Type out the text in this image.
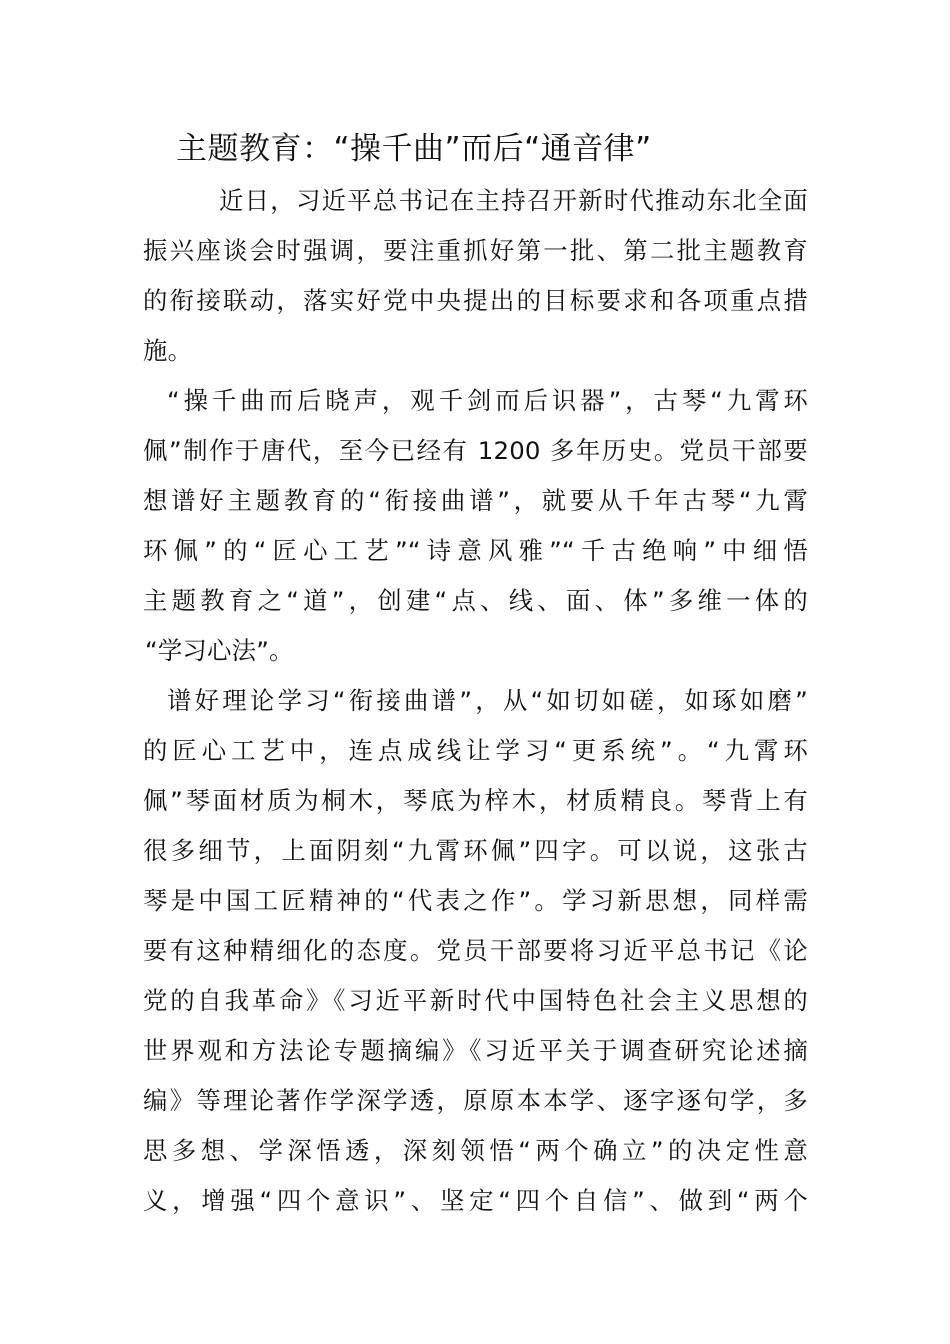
主题教育：“操千曲”而后“通音律”
近日，习近平总书记在主持召开新时代推动东北全面
振兴座谈会时强调，要注重抓好第一批、第二批主题教育
的衔接联动，落实好党中央提出的目标要求和各项重点措
施。
“操千曲而后晓声，观千剑而后识器”，古琴“九霄环
佩”制作于唐代，至今已经有 1200 多年历史。党员干部要
想谱好主题教育的“衔接曲谱”，就要从千年古琴“九霄
环佩”的“匠心工艺”“诗意风雅”“千古绝响”中细悟
主题教育之“道”，创建“点、线、面、体”多维一体的
“学习心法”。
谱好理论学习“衔接曲谱”，从“如切如磋，如琢如磨”
的匠心工艺中，连点成线让学习“更系统”。“九霄环
佩”琴面材质为桐木，琴底为梓木，材质精良。琴背上有
很多细节，上面阴刻“九霄环佩”四字。可以说，这张古
琴是中国工匠精神的“代表之作”。学习新思想，同样需
要有这种精细化的态度。党员干部要将习近平总书记《论
党的自我革命》《习近平新时代中国特色社会主义思想的
世界观和方法论专题摘编》《习近平关于调查研究论述摘
编》等理论著作学深学透，原原本本学、逐字逐句学，多
思多想、学深悟透，深刻领悟“两个确立”的决定性意
义，增强“四个意识”、坚定“四个自信”、做到“两个
